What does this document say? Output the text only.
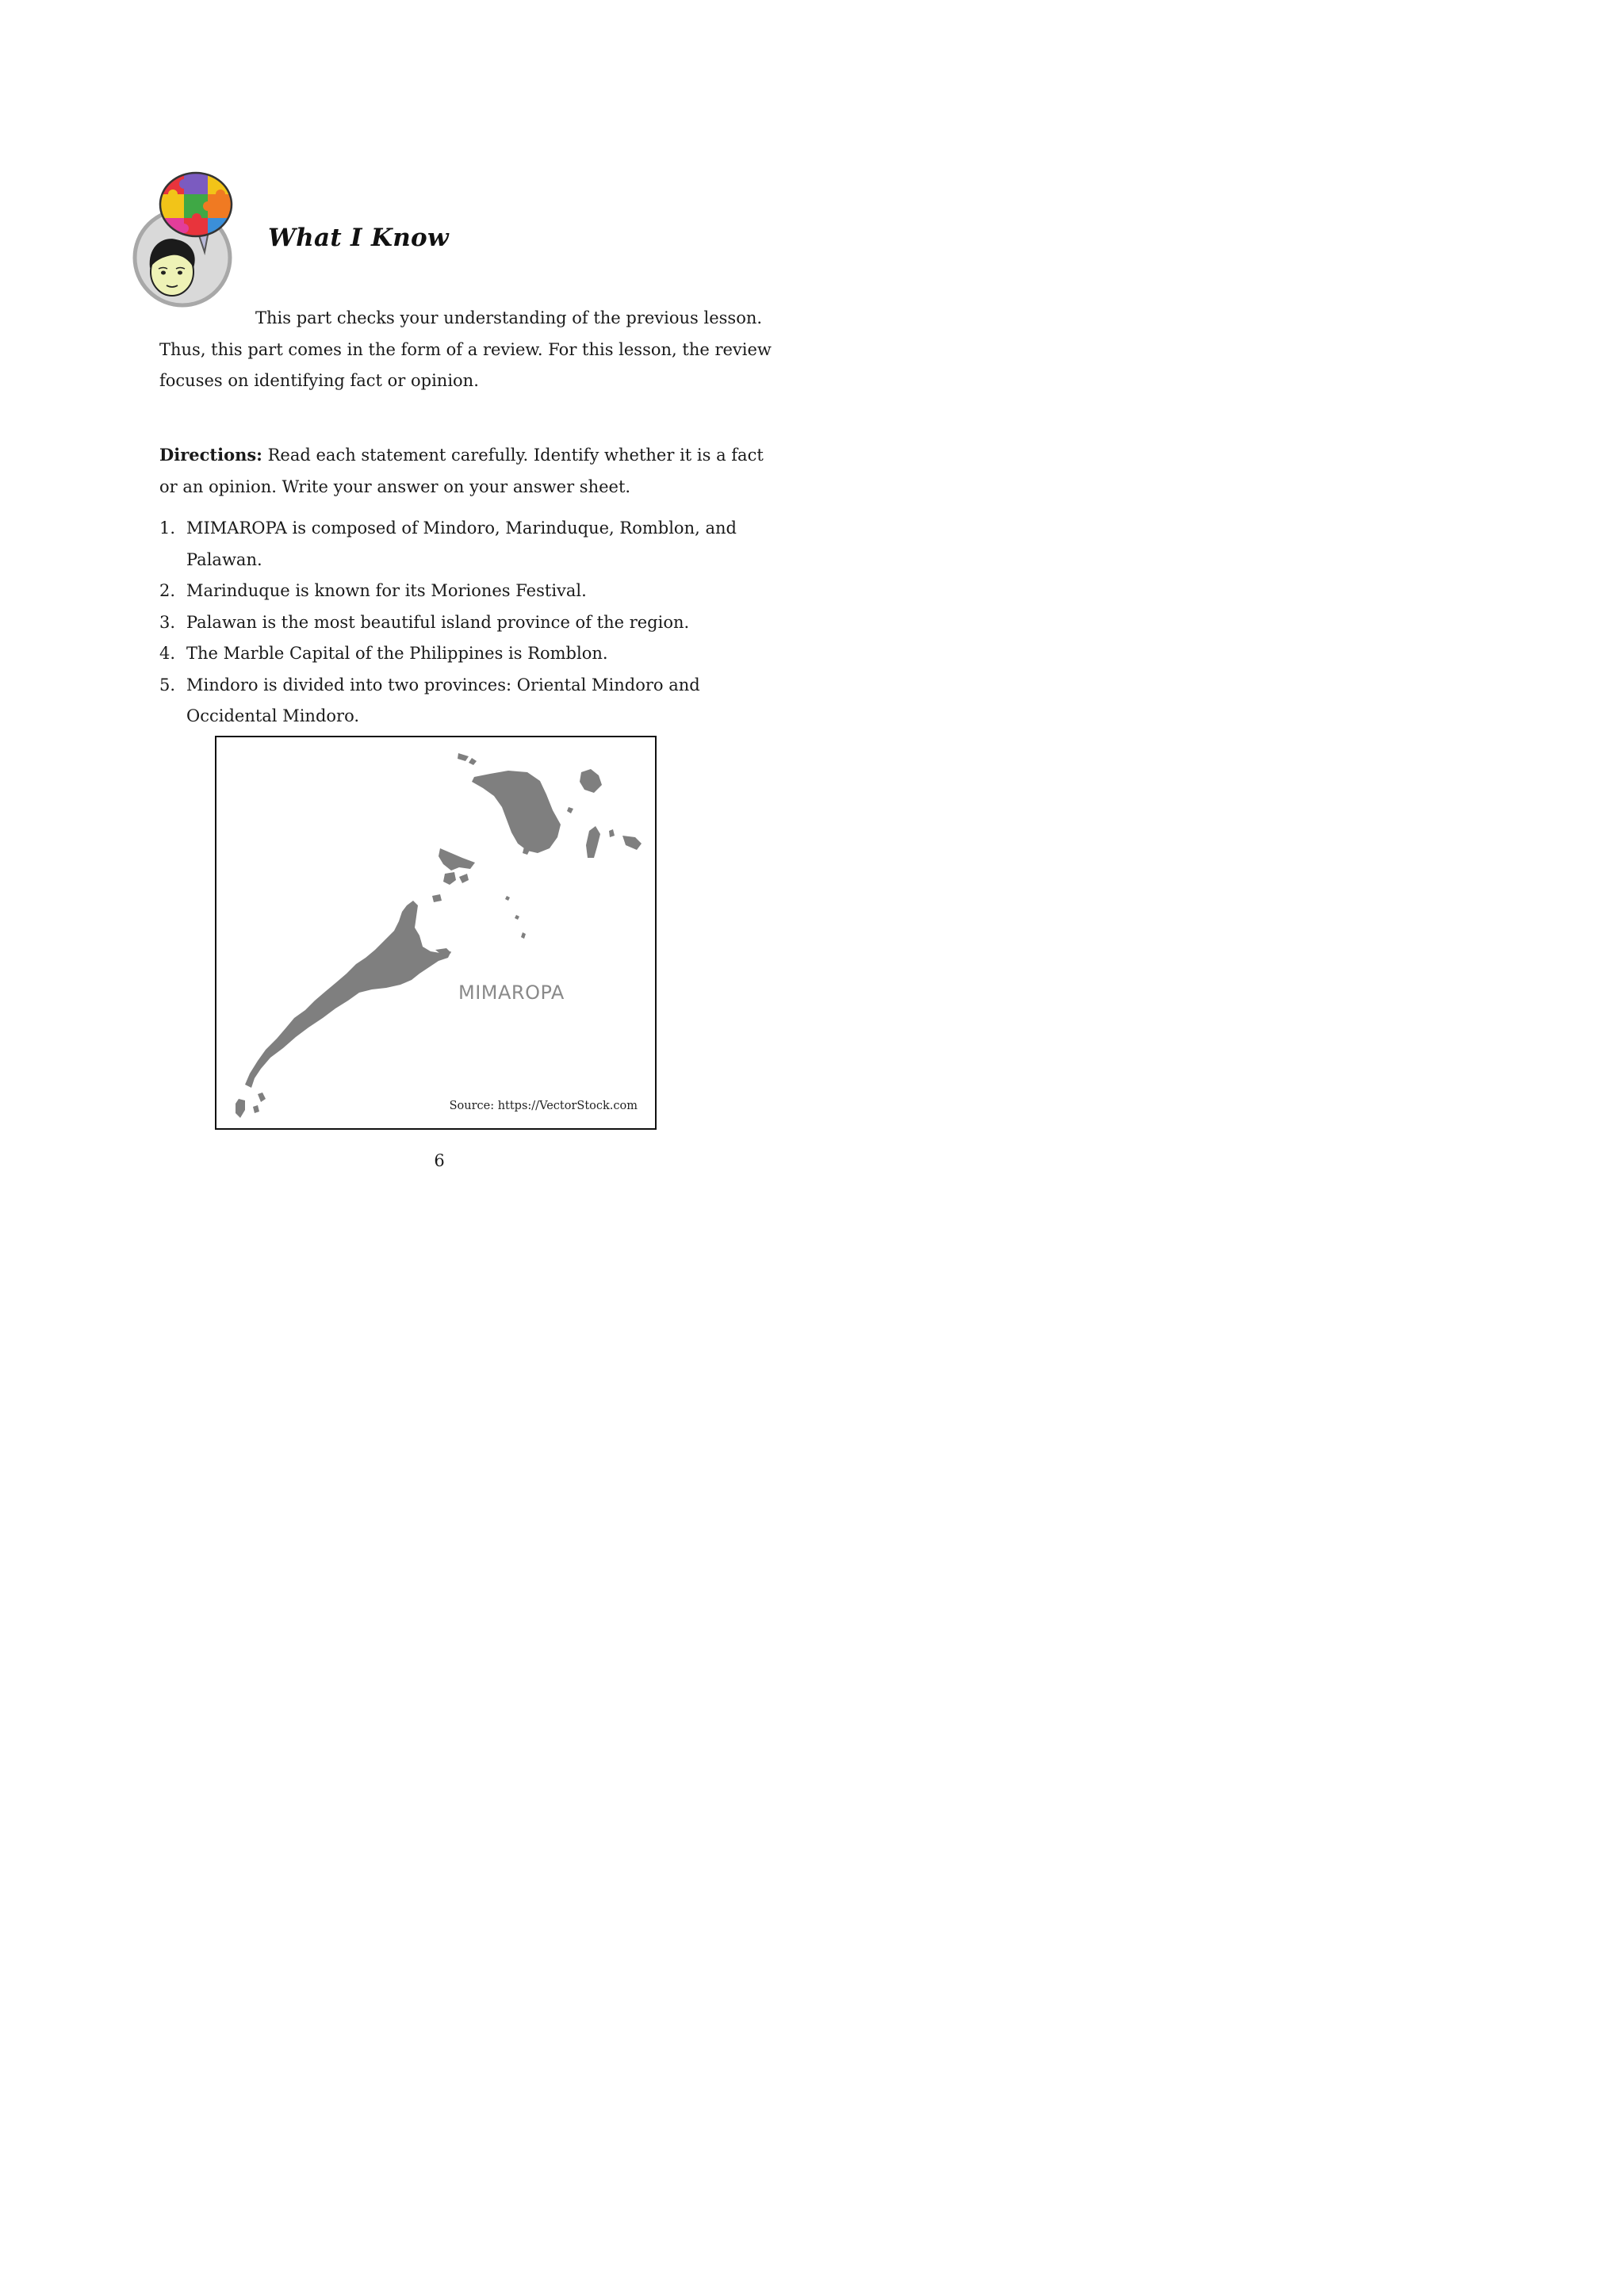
What I Know

This part checks your understanding of the previous lesson. Thus, this part comes in the form of a review. For this lesson, the review focuses on identifying fact or opinion.

Directions: Read each statement carefully. Identify whether it is a fact or an opinion. Write your answer on your answer sheet.

1. MIMAROPA is composed of Mindoro, Marinduque, Romblon, and Palawan.
2. Marinduque is known for its Moriones Festival.
3. Palawan is the most beautiful island province of the region.
4. The Marble Capital of the Philippines is Romblon.
5. Mindoro is divided into two provinces: Oriental Mindoro and Occidental Mindoro.
MIMAROPA
Source: https://VectorStock.com
6
